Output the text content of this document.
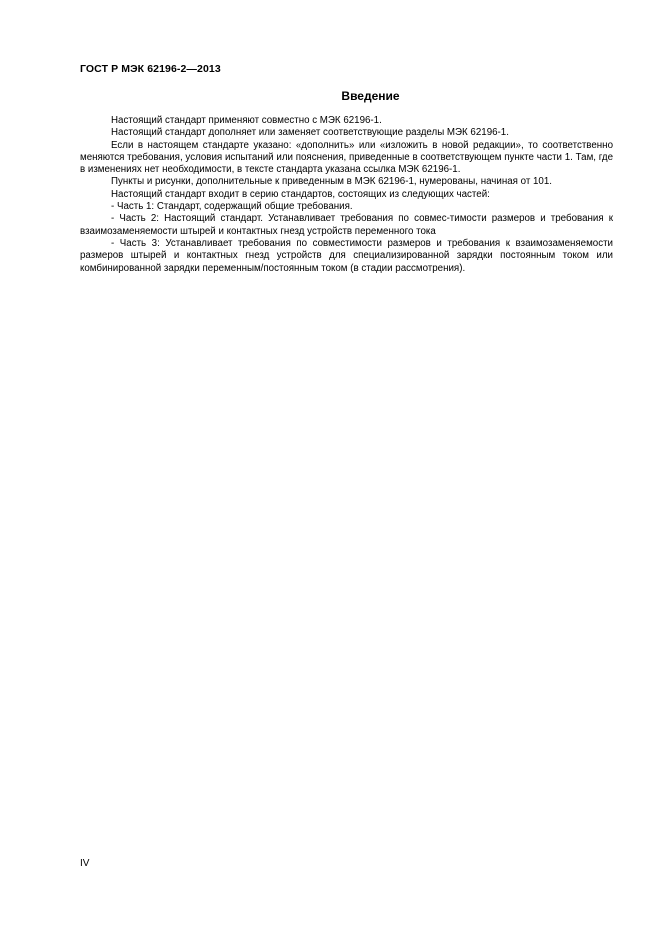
ГОСТ Р МЭК 62196-2—2013
Введение

Настоящий стандарт применяют совместно с МЭК 62196-1.

Настоящий стандарт дополняет или заменяет соответствующие разделы МЭК 62196-1.

Если в настоящем стандарте указано: «дополнить» или «изложить в новой редакции», то соответственно меняются требования, условия испытаний или пояснения, приведенные в соответствующем пункте части 1. Там, где в изменениях нет необходимости, в тексте стандарта указана ссылка МЭК 62196-1.

Пункты и рисунки, дополнительные к приведенным в МЭК 62196-1, нумерованы, начиная от 101.

Настоящий стандарт входит в серию стандартов, состоящих из следующих частей:

- Часть 1: Стандарт, содержащий общие требования.

- Часть 2: Настоящий стандарт. Устанавливает требования по совмес-тимости размеров и требования к взаимозаменяемости штырей и контактных гнезд устройств переменного тока

- Часть 3: Устанавливает требования по совместимости размеров и требования к взаимозаменяемости размеров штырей и контактных гнезд устройств для специализированной зарядки постоянным током или комбинированной зарядки переменным/постоянным током (в стадии рассмотрения).

IV
